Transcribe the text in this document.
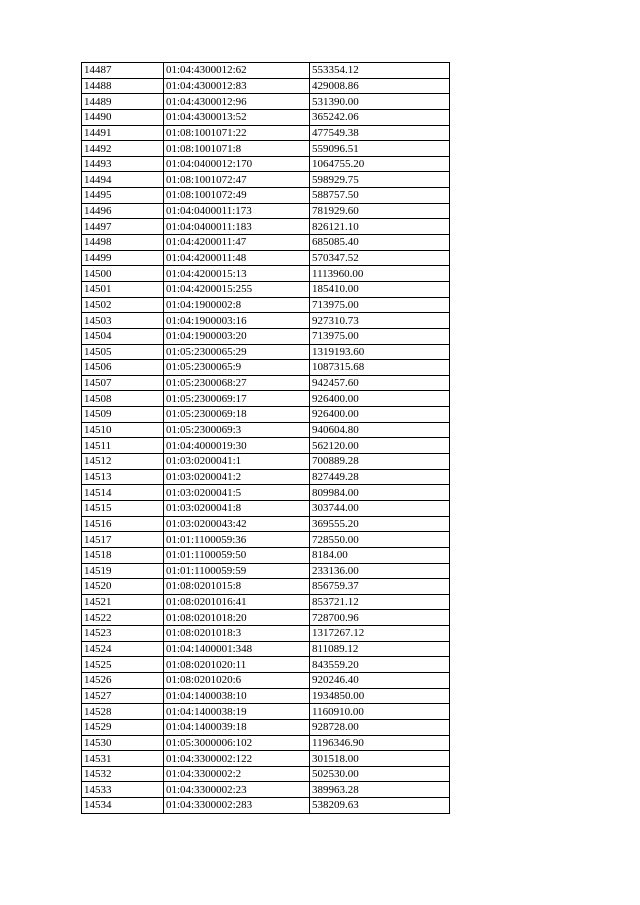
14487	01:04:4300012:62	553354.12
14488	01:04:4300012:83	429008.86
14489	01:04:4300012:96	531390.00
14490	01:04:4300013:52	365242.06
14491	01:08:1001071:22	477549.38
14492	01:08:1001071:8	559096.51
14493	01:04:0400012:170	1064755.20
14494	01:08:1001072:47	598929.75
14495	01:08:1001072:49	588757.50
14496	01:04:0400011:173	781929.60
14497	01:04:0400011:183	826121.10
14498	01:04:4200011:47	685085.40
14499	01:04:4200011:48	570347.52
14500	01:04:4200015:13	1113960.00
14501	01:04:4200015:255	185410.00
14502	01:04:1900002:8	713975.00
14503	01:04:1900003:16	927310.73
14504	01:04:1900003:20	713975.00
14505	01:05:2300065:29	1319193.60
14506	01:05:2300065:9	1087315.68
14507	01:05:2300068:27	942457.60
14508	01:05:2300069:17	926400.00
14509	01:05:2300069:18	926400.00
14510	01:05:2300069:3	940604.80
14511	01:04:4000019:30	562120.00
14512	01:03:0200041:1	700889.28
14513	01:03:0200041:2	827449.28
14514	01:03:0200041:5	809984.00
14515	01:03:0200041:8	303744.00
14516	01:03:0200043:42	369555.20
14517	01:01:1100059:36	728550.00
14518	01:01:1100059:50	8184.00
14519	01:01:1100059:59	233136.00
14520	01:08:0201015:8	856759.37
14521	01:08:0201016:41	853721.12
14522	01:08:0201018:20	728700.96
14523	01:08:0201018:3	1317267.12
14524	01:04:1400001:348	811089.12
14525	01:08:0201020:11	843559.20
14526	01:08:0201020:6	920246.40
14527	01:04:1400038:10	1934850.00
14528	01:04:1400038:19	1160910.00
14529	01:04:1400039:18	928728.00
14530	01:05:3000006:102	1196346.90
14531	01:04:3300002:122	301518.00
14532	01:04:3300002:2	502530.00
14533	01:04:3300002:23	389963.28
14534	01:04:3300002:283	538209.63
